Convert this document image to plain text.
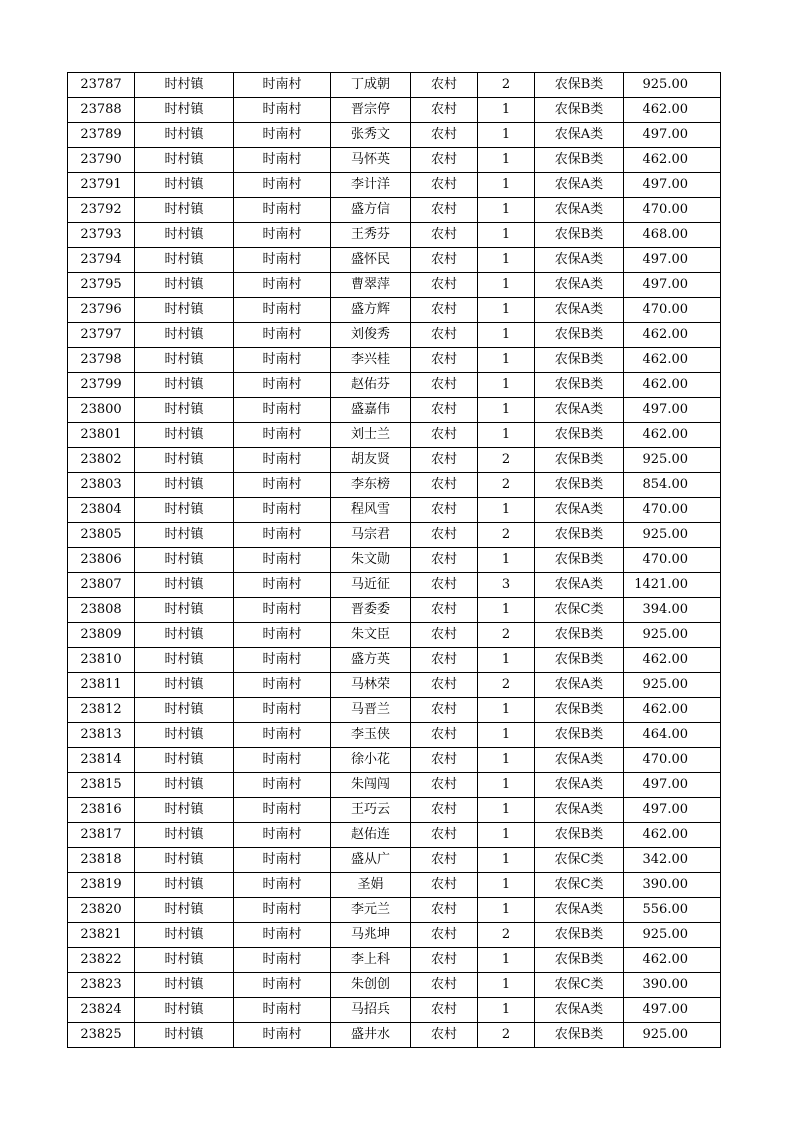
23787	时村镇	时南村	丁成朝	农村	2	农保B类	925.00
23788	时村镇	时南村	晋宗停	农村	1	农保B类	462.00
23789	时村镇	时南村	张秀文	农村	1	农保A类	497.00
23790	时村镇	时南村	马怀英	农村	1	农保B类	462.00
23791	时村镇	时南村	李计洋	农村	1	农保A类	497.00
23792	时村镇	时南村	盛方信	农村	1	农保A类	470.00
23793	时村镇	时南村	王秀芬	农村	1	农保B类	468.00
23794	时村镇	时南村	盛怀民	农村	1	农保A类	497.00
23795	时村镇	时南村	曹翠萍	农村	1	农保A类	497.00
23796	时村镇	时南村	盛方辉	农村	1	农保A类	470.00
23797	时村镇	时南村	刘俊秀	农村	1	农保B类	462.00
23798	时村镇	时南村	李兴桂	农村	1	农保B类	462.00
23799	时村镇	时南村	赵佑芬	农村	1	农保B类	462.00
23800	时村镇	时南村	盛嘉伟	农村	1	农保A类	497.00
23801	时村镇	时南村	刘士兰	农村	1	农保B类	462.00
23802	时村镇	时南村	胡友贤	农村	2	农保B类	925.00
23803	时村镇	时南村	李东榜	农村	2	农保B类	854.00
23804	时村镇	时南村	程风雪	农村	1	农保A类	470.00
23805	时村镇	时南村	马宗君	农村	2	农保B类	925.00
23806	时村镇	时南村	朱文勋	农村	1	农保B类	470.00
23807	时村镇	时南村	马近征	农村	3	农保A类	1421.00
23808	时村镇	时南村	晋委委	农村	1	农保C类	394.00
23809	时村镇	时南村	朱文臣	农村	2	农保B类	925.00
23810	时村镇	时南村	盛方英	农村	1	农保B类	462.00
23811	时村镇	时南村	马林荣	农村	2	农保A类	925.00
23812	时村镇	时南村	马晋兰	农村	1	农保B类	462.00
23813	时村镇	时南村	李玉侠	农村	1	农保B类	464.00
23814	时村镇	时南村	徐小花	农村	1	农保A类	470.00
23815	时村镇	时南村	朱闯闯	农村	1	农保A类	497.00
23816	时村镇	时南村	王巧云	农村	1	农保A类	497.00
23817	时村镇	时南村	赵佑连	农村	1	农保B类	462.00
23818	时村镇	时南村	盛从广	农村	1	农保C类	342.00
23819	时村镇	时南村	圣娟	农村	1	农保C类	390.00
23820	时村镇	时南村	李元兰	农村	1	农保A类	556.00
23821	时村镇	时南村	马兆坤	农村	2	农保B类	925.00
23822	时村镇	时南村	李上科	农村	1	农保B类	462.00
23823	时村镇	时南村	朱创创	农村	1	农保C类	390.00
23824	时村镇	时南村	马招兵	农村	1	农保A类	497.00
23825	时村镇	时南村	盛井水	农村	2	农保B类	925.00
